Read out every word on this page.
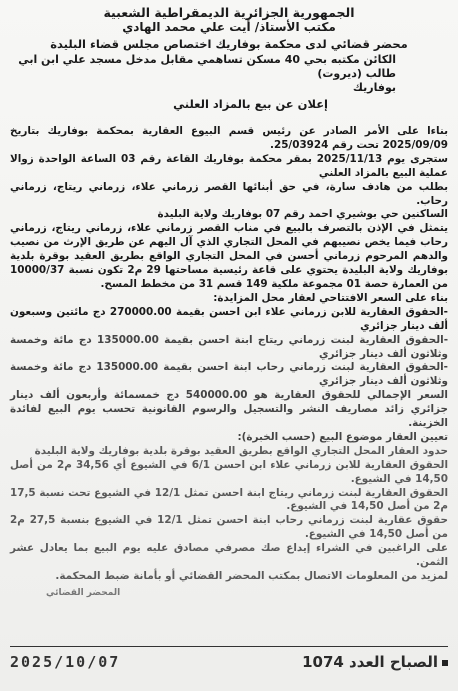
الجمهورية الجزائرية الديمقراطية الشعبية
مكتب الأستاذ/ أيت علي محمد الهادي
محضر قضائي لدى محكمة بوفاريك اختصاص مجلس قضاء البليدة
الكائن مكتبه بحي 40 مسكن تساهمي مقابل مدخل مسجد علي ابن ابي طالب (ديروت)
بوفاريك
إعلان عن بيع بالمزاد العلني

بناءا على الأمر الصادر عن رئيس قسم البيوع العقارية بمحكمة بوفاريك بتاريخ 2025/09/09 تحت رقم 25/03924.

ستجرى يوم 2025/11/13 بمقر محكمة بوفاريك القاعة رقم 03 الساعة الواحدة زوالا عملية البيع بالمزاد العلني

بطلب من هادف سارة، في حق أبنائها القصر زرماني علاء، زرماني ريتاج، زرماني رحاب.

الساكنين حي بوشيري احمد رقم 07 بوفاريك ولاية البليدة

يتمثل في الإذن بالتصرف بالبيع في مناب القصر زرماني علاء، زرماني ريتاج، زرماني رحاب فيما يخص نصيبهم في المحل التجاري الذي آل اليهم عن طريق الإرث من نصيب والدهم المرحوم زرماني أحسن في المحل التجاري الواقع بطريق العقيد بوقرة بلدية بوفاريك ولاية البليدة يحتوي على قاعة رئيسية مساحتها 29 م2 تكون نسبة 10000/37 من العمارة حصة 01 مجموعة ملكية 149 قسم 31 من مخطط المسح.

بناء على السعر الافتتاحي لعقار محل المزايدة:

-الحقوق العقارية للابن زرماني علاء ابن احسن بقيمة 270000.00 دج مائتين وسبعون ألف دينار جزائري

-الحقوق العقارية لبنت زرماني ريتاج ابنة احسن بقيمة 135000.00 دج مائة وخمسة وثلاثون ألف دينار جزائري

-الحقوق العقارية لبنت زرماني رحاب ابنة احسن بقيمة 135000.00 دج مائة وخمسة وثلاثون ألف دينار جزائري

السعر الإجمالي للحقوق العقارية هو 540000.00 دج خمسمائة وأربعون ألف دينار جزائري زائد مصاريف النشر والتسجيل والرسوم القانونية تحسب يوم البيع لفائدة الخزينة.

تعيين العقار موضوع البيع (حسب الخبرة):

حدود العقار المحل التجاري الواقع بطريق العقيد بوقرة بلدية بوفاريك ولاية البليدة

الحقوق العقارية للابن زرماني علاء ابن احسن 6/1 في الشيوع أي 34,56 م2 من أصل 14,50 في الشيوع.

الحقوق العقارية لبنت زرماني ريتاج ابنة احسن تمثل 12/1 في الشيوع تحت نسبة 17,5 م2 من أصل 14,50 في الشيوع.

حقوق عقارية لبنت زرماني رحاب ابنة احسن تمثل 12/1 في الشيوع بنسبة 27,5 م2 من أصل 14,50 في الشيوع.

على الراغبين في الشراء إيداع صك مصرفي مصادق عليه يوم البيع بما يعادل عشر الثمن.

لمزيد من المعلومات الاتصال بمكتب المحضر القضائي أو بأمانة ضبط المحكمة.

المحضر القضائي
الصباح العدد 1074
2025/10/07
